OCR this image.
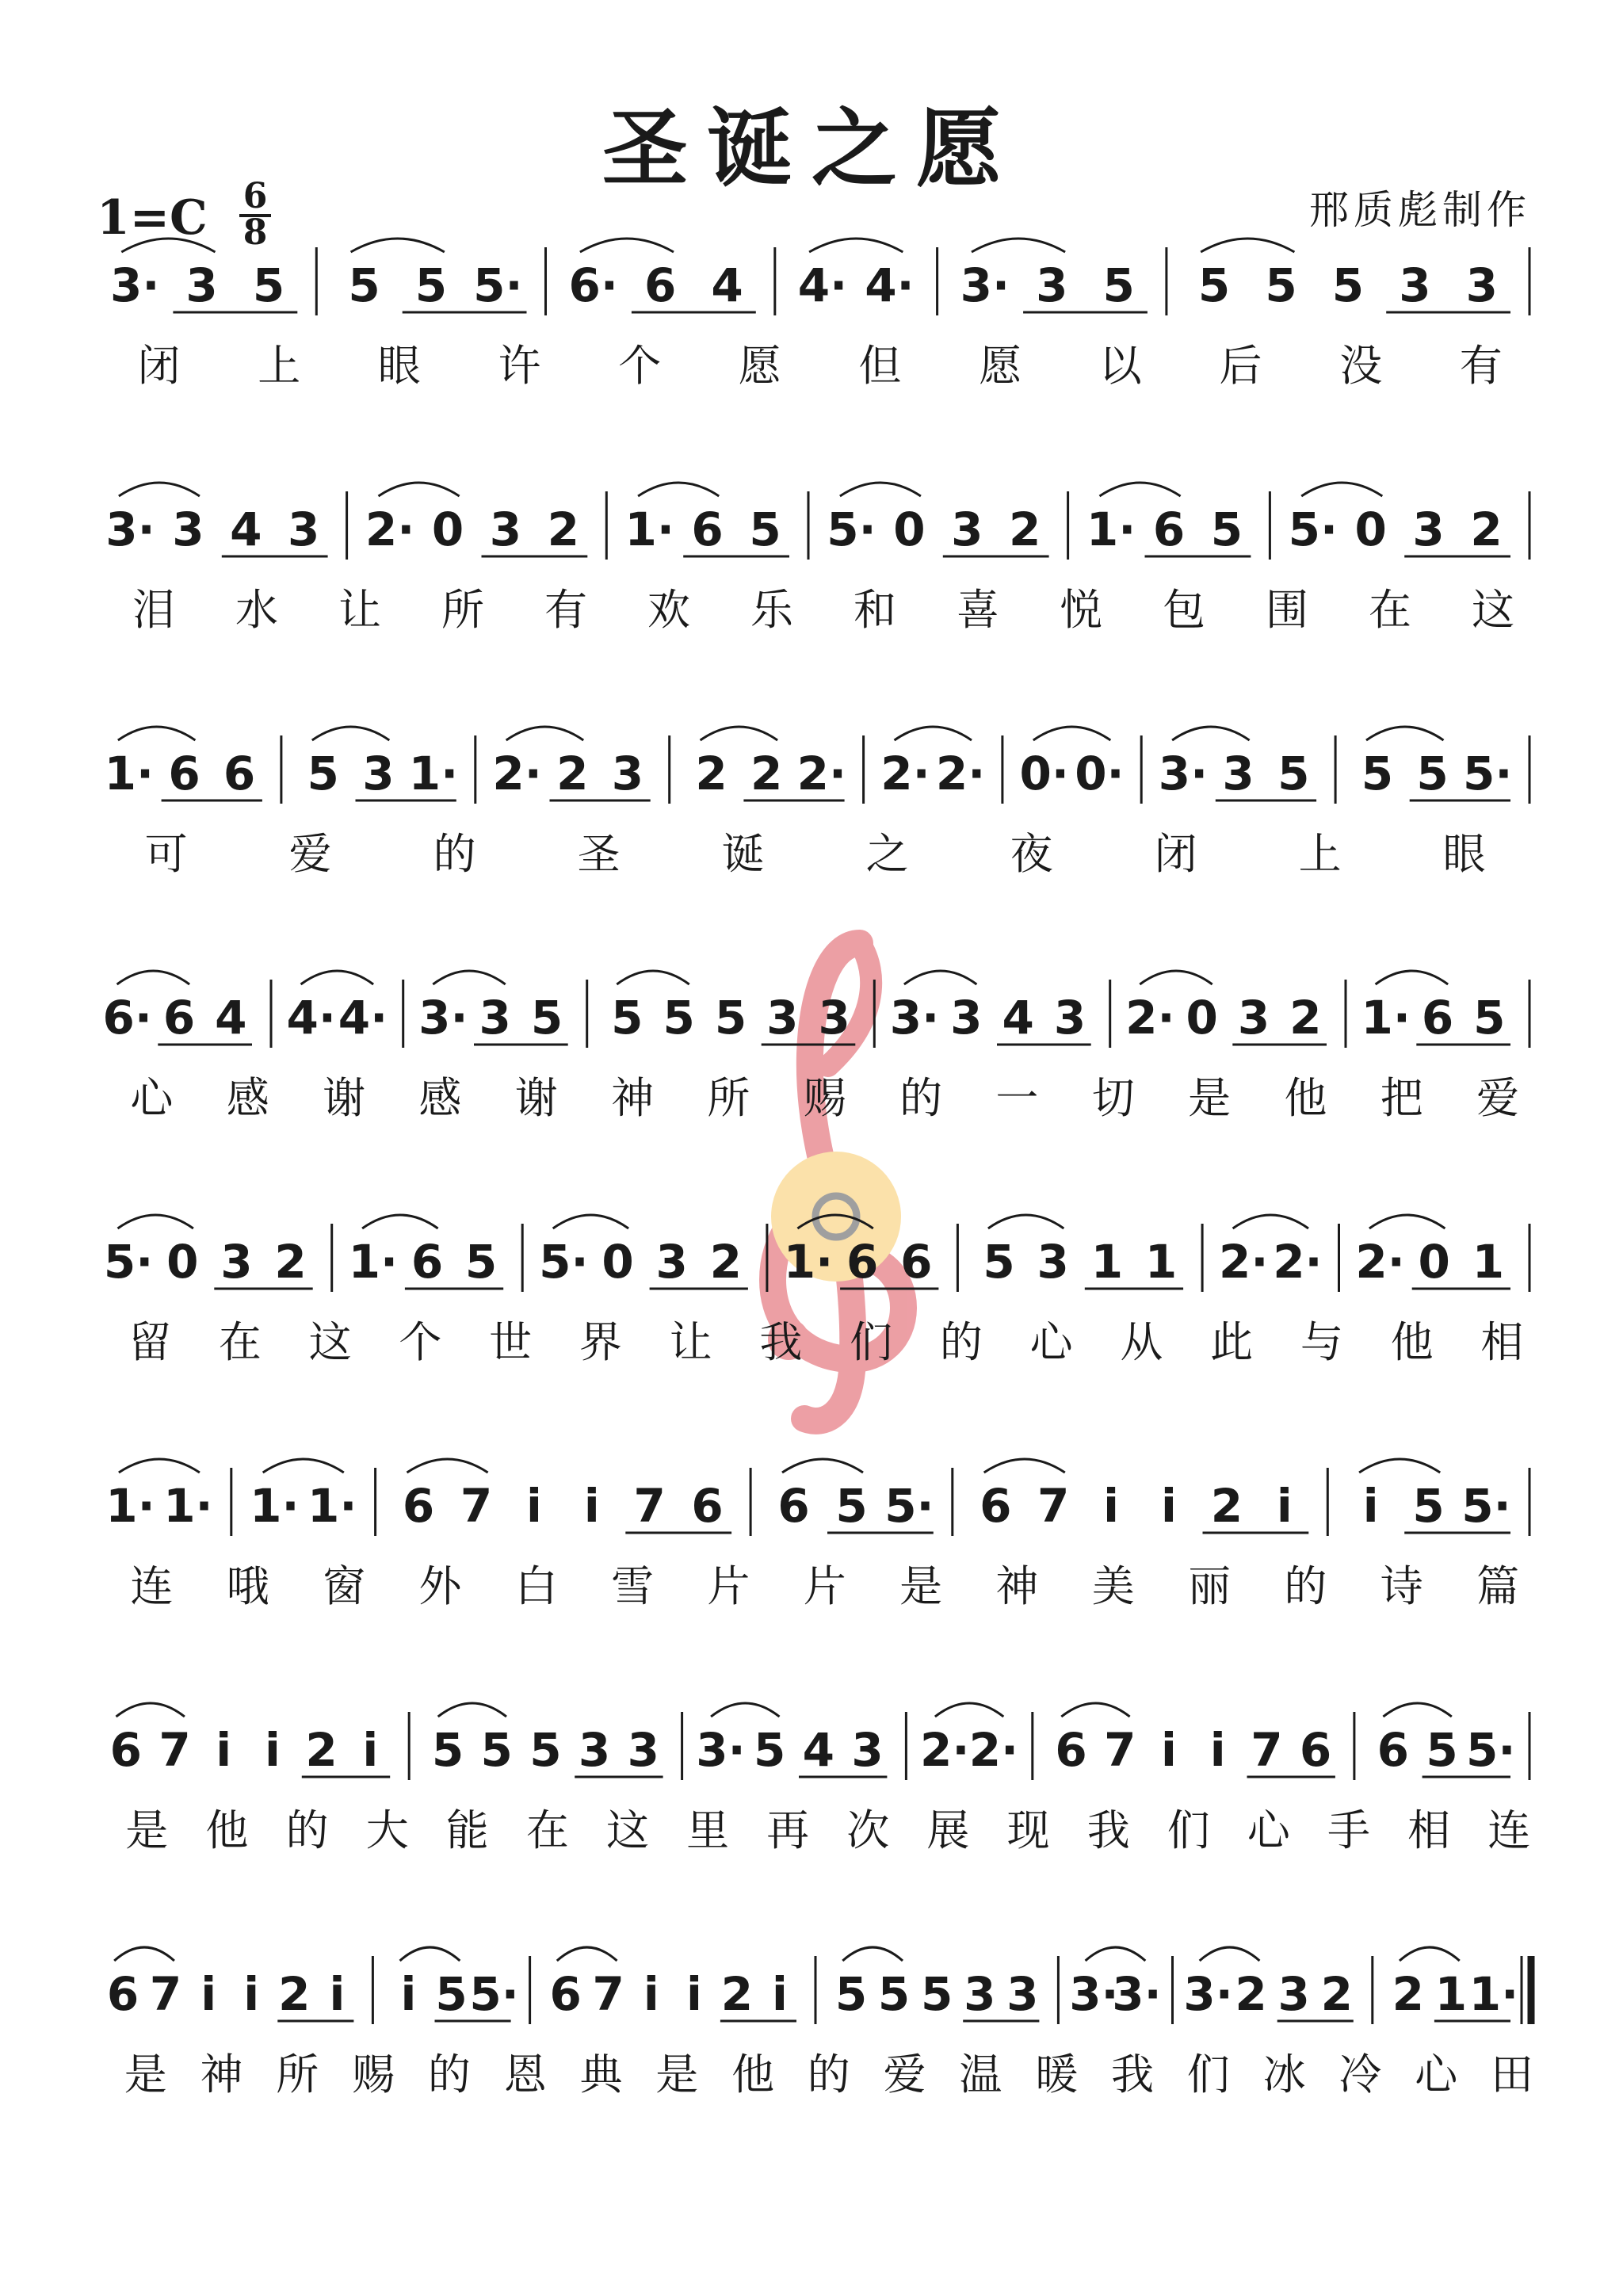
圣诞之愿
1=C 6
8	邢质彪制作
3· 3 5 5 5 5· 6· 6 4 4· 4· 3· 3 5 5 5 5 3 3
闭 上 眼 许 个 愿 但 愿 以 后 没 有
3· 3 4 3 2· 0 3 2 1· 6 5 5· 0 3 2 1· 6 5 5· 0 3 2
泪 水 让 所 有 欢 乐 和 喜 悦 包 围 在 这
1· 6 6 5 3 1· 2· 2 3 2 2 2· 2· 2· 0· 0· 3· 3 5 5 5 5·
可 爱 的 圣 诞 之 夜 闭 上 眼
6· 6 4 4· 4· 3· 3 5 5 5 5 3 3 3· 3 4 3 2· 0 3 2 1· 6 5
心 感 谢 感 谢 神 所 赐 的 一 切 是 他 把 爱
5· 0 3 2 1· 6 5 5· 0 3 2 1· 6 6 5 3 1 1 2· 2· 2· 0 1
留 在 这 个 世 界 让 我 们 的 心 从 此 与 他 相
1· 1· 1· 1· 6 7 i i 7 6 6 5 5· 6 7 i i 2 i i 5 5·
连 哦 窗 外 白 雪 片 片 是 神 美 丽 的 诗 篇
6 7 i i 2 i 5 5 5 3 3 3· 5 4 3 2· 2· 6 7 i i 7 6 6 5 5·
是 他 的 大 能 在 这 里 再 次 展 现 我 们 心 手 相 连
6 7 i i 2 i i 5 5· 6 7 i i 2 i 5 5 5 3 3 3·
3· 3· 2 3 2 2 1 1·
是 神 所 赐 的 恩 典 是 他 的 爱 温 暖 我 们 冰 冷 心 田
